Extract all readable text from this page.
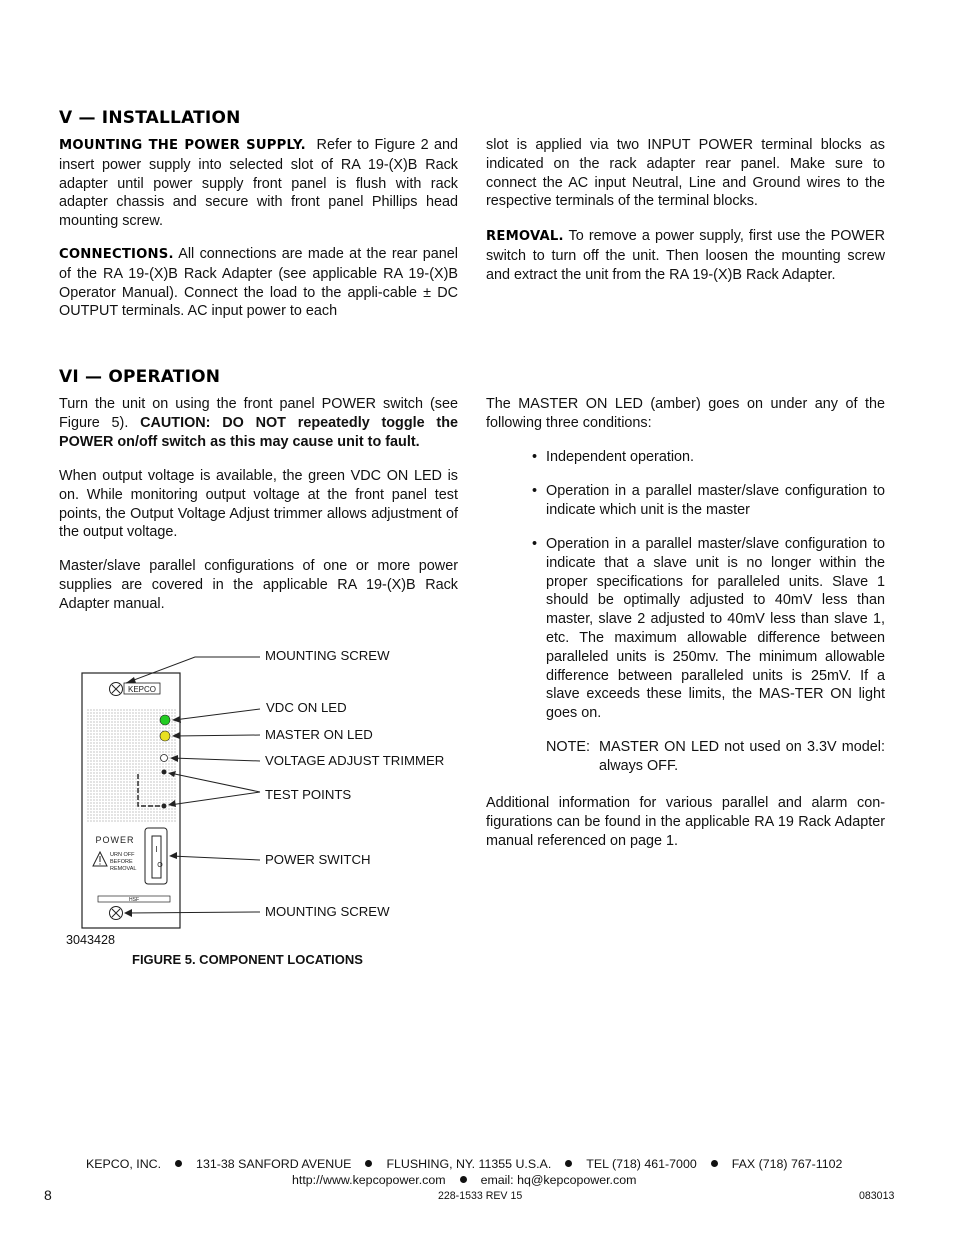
V — INSTALLATION
MOUNTING THE POWER SUPPLY. Refer to Figure 2 and insert power supply into selected slot of RA 19-(X)B Rack adapter until power supply front panel is flush with rack adapter chassis and secure with front panel Phillips head mounting screw.
CONNECTIONS. All connections are made at the rear panel of the RA 19-(X)B Rack Adapter (see applicable RA 19-(X)B Operator Manual). Connect the load to the appli-cable ± DC OUTPUT terminals. AC input power to each
slot is applied via two INPUT POWER terminal blocks as indicated on the rack adapter rear panel. Make sure to connect the AC input Neutral, Line and Ground wires to the respective terminals of the terminal blocks.
REMOVAL. To remove a power supply, first use the POWER switch to turn off the unit. Then loosen the mounting screw and extract the unit from the RA 19-(X)B Rack Adapter.
VI — OPERATION
Turn the unit on using the front panel POWER switch (see Figure 5). CAUTION: DO NOT repeatedly toggle the POWER on/off switch as this may cause unit to fault.
When output voltage is available, the green VDC ON LED is on. While monitoring output voltage at the front panel test points, the Output Voltage Adjust trimmer allows adjustment of the output voltage.
Master/slave parallel configurations of one or more power supplies are covered in the applicable RA 19-(X)B Rack Adapter manual.
The MASTER ON LED (amber) goes on under any of the following three conditions:
• Independent operation.
• Operation in a parallel master/slave configuration to indicate which unit is the master
• Operation in a parallel master/slave configuration to indicate that a slave unit is no longer within the proper specifications for paralleled units. Slave 1 should be optimally adjusted to 40mV less than master, slave 2 adjusted to 40mV less than slave 1, etc. The maximum allowable difference between paralleled units is 250mv. The minimum allowable difference between paralleled units is 25mV. If a slave exceeds these limits, the MAS-TER ON light goes on.
NOTE: MASTER ON LED not used on 3.3V model: always OFF.
Additional information for various parallel and alarm con-figurations can be found in the applicable RA 19 Rack Adapter manual referenced on page 1.
KEPCO
POWER
URN OFF
BEFORE
REMOVAL
I
O
HSF
MOUNTING SCREW
VDC ON LED
MASTER ON LED
VOLTAGE ADJUST TRIMMER
TEST POINTS
POWER SWITCH
MOUNTING SCREW
3043428
FIGURE 5. COMPONENT LOCATIONS
KEPCO, INC.	131-38 SANFORD AVENUE	FLUSHING, NY. 11355 U.S.A.	TEL (718) 461-7000	FAX (718) 767-1102
http://www.kepcopower.com	email: hq@kepcopower.com
8	228-1533 REV 15	083013
